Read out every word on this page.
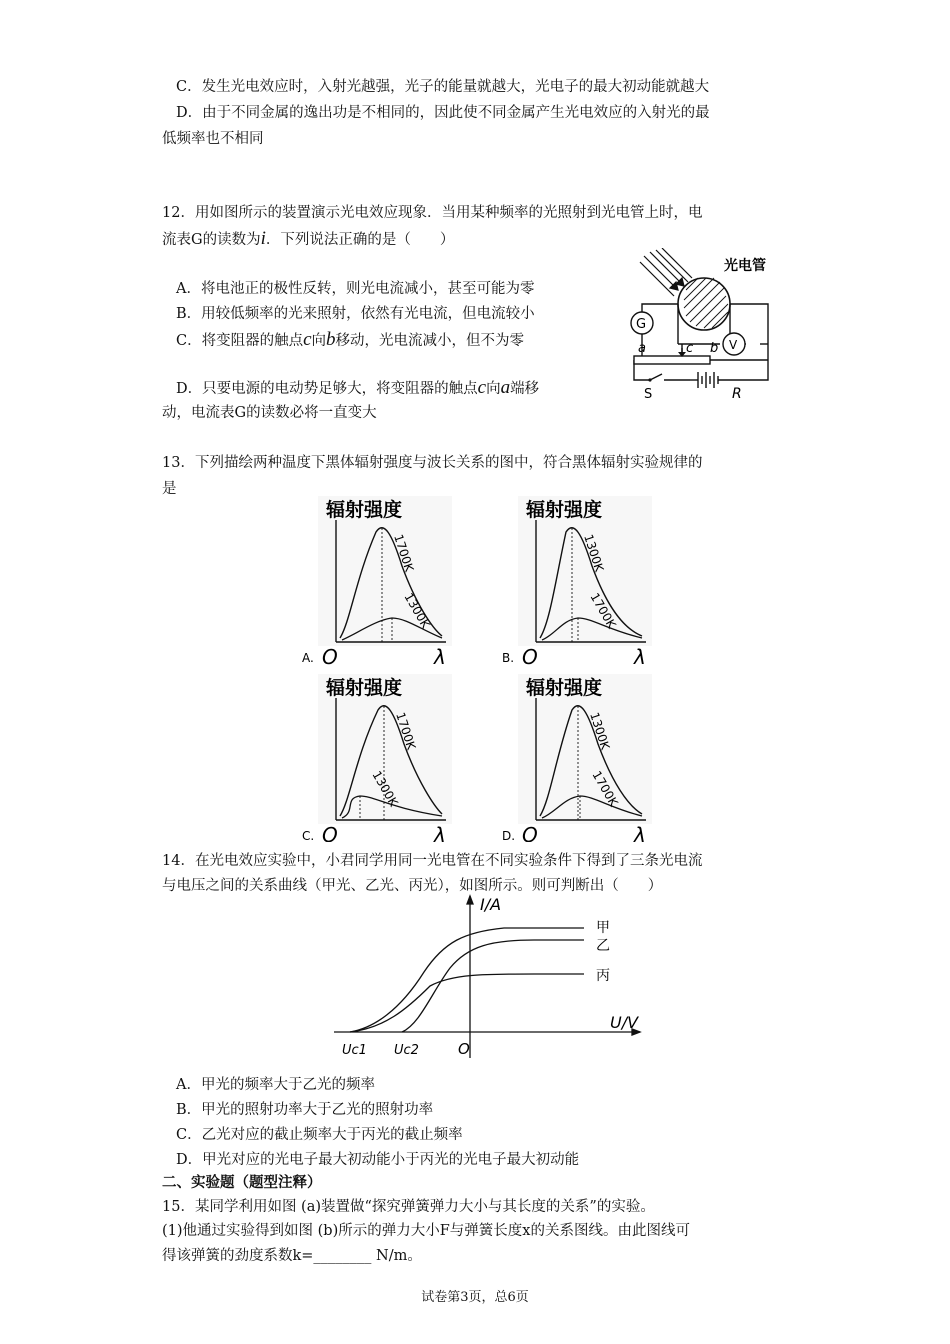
C．发生光电效应时，入射光越强，光子的能量就越大，光电子的最大初动能就越大
D．由于不同金属的逸出功是不相同的，因此使不同金属产生光电效应的入射光的最
低频率也不相同
12．用如图所示的装置演示光电效应现象．当用某种频率的光照射到光电管上时，电
流表G的读数为i．下列说法正确的是（　　）
A．将电池正的极性反转，则光电流减小，甚至可能为零
B．用较低频率的光来照射，依然有光电流，但电流较小
C．将变阻器的触点c向b移动，光电流减小，但不为零
D．只要电源的电动势足够大，将变阻器的触点c向a端移
动，电流表G的读数必将一直变大
光电管
G
V
a	c b
S	R
13．下列描绘两种温度下黑体辐射强度与波长关系的图中，符合黑体辐射实验规律的
是
辐射强度
1700K
1300K
A. O	λ
辐射强度
1300K
1700K
B. O	λ
辐射强度
1700K
1300K
C. O	λ
辐射强度
1300K
1700K
D. O	λ
14．在光电效应实验中，小君同学用同一光电管在不同实验条件下得到了三条光电流
与电压之间的关系曲线（甲光、乙光、丙光），如图所示。则可判断出（　　）
I/A
U/V
O
Uc1 Uc2
甲
乙
丙
A．甲光的频率大于乙光的频率
B．甲光的照射功率大于乙光的照射功率
C．乙光对应的截止频率大于丙光的截止频率
D．甲光对应的光电子最大初动能小于丙光的光电子最大初动能
二、实验题（题型注释）
15．某同学利用如图 (a)装置做“探究弹簧弹力大小与其长度的关系”的实验。
(1)他通过实验得到如图 (b)所示的弹力大小F与弹簧长度x的关系图线。由此图线可
得该弹簧的劲度系数k=________ N/m。
试卷第3页，总6页
